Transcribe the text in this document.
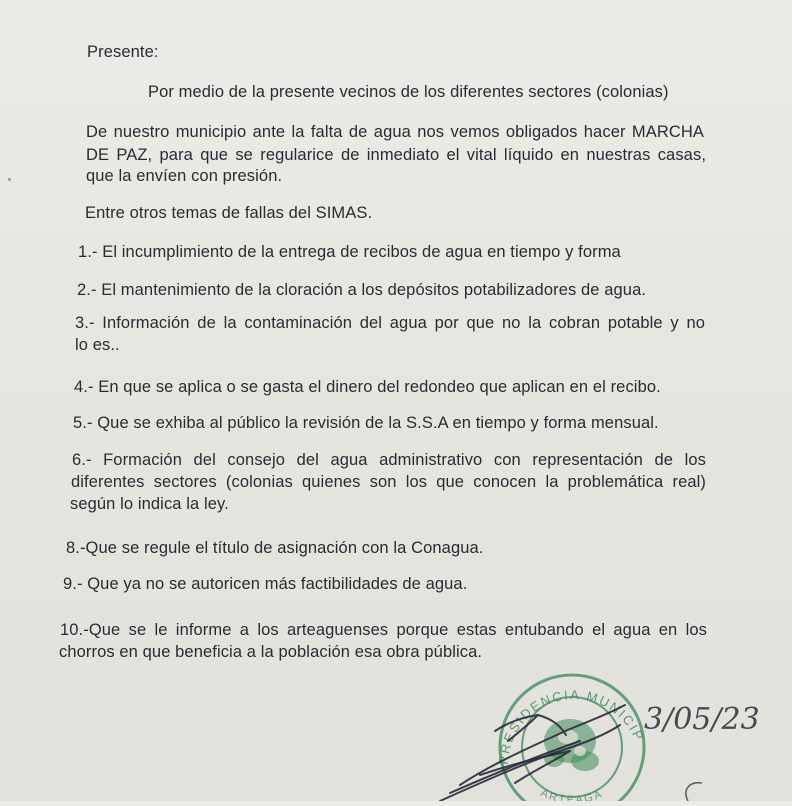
Presente:
Por medio de la presente vecinos de los diferentes sectores (colonias)
De nuestro municipio ante la falta de agua nos vemos obligados hacer MARCHA
DE PAZ, para que se regularice de inmediato el vital líquido en nuestras casas,
que la envíen con presión.
Entre otros temas de fallas del SIMAS.
1.- El incumplimiento de la entrega de recibos de agua en tiempo y forma
2.- El mantenimiento de la cloración a los depósitos potabilizadores de agua.
3.- Información de la contaminación del agua por que no la cobran potable y no
lo es..
4.- En que se aplica o se gasta el dinero del redondeo que aplican en el recibo.
5.- Que se exhiba al público la revisión de la S.S.A en tiempo y forma mensual.
6.- Formación del consejo del agua administrativo con representación de los
diferentes sectores (colonias quienes son los que conocen la problemática real)
según lo indica la ley.
8.-Que se regule el título de asignación con la Conagua.
9.- Que ya no se autoricen más factibilidades de agua.
10.-Que se le informe a los arteaguenses porque estas entubando el agua en los
chorros en que beneficia a la población esa obra pública.
PRESIDENCIA MUNICIP
ARTEAGA
3/05/23
